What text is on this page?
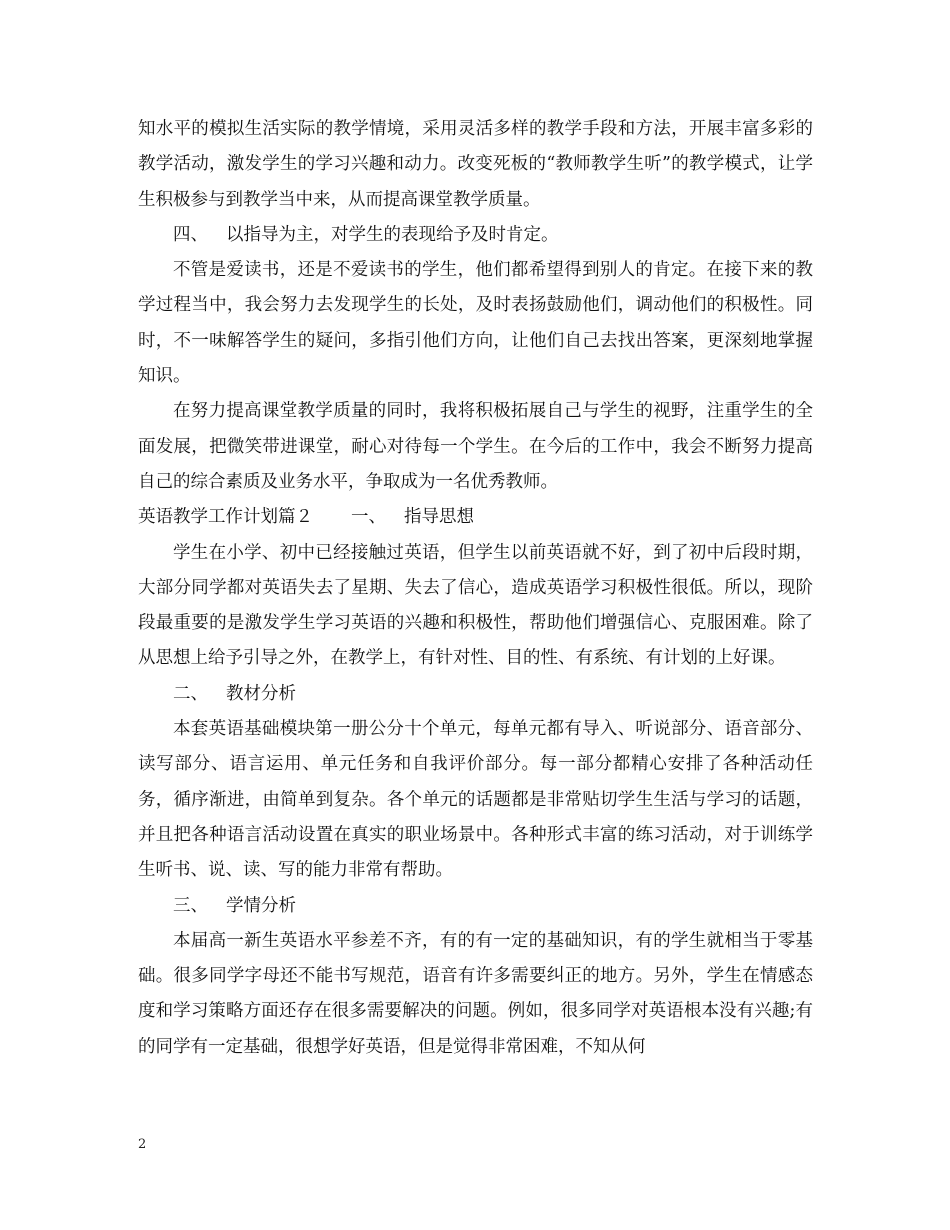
知水平的模拟生活实际的教学情境，采用灵活多样的教学手段和方法，开展丰富多彩的教学活动，激发学生的学习兴趣和动力。改变死板的“教师教学生听”的教学模式，让学生积极参与到教学当中来，从而提高课堂教学质量。

四、 以指导为主，对学生的表现给予及时肯定。

不管是爱读书，还是不爱读书的学生，他们都希望得到别人的肯定。在接下来的教学过程当中，我会努力去发现学生的长处，及时表扬鼓励他们，调动他们的积极性。同时，不一味解答学生的疑问，多指引他们方向，让他们自己去找出答案，更深刻地掌握知识。

在努力提高课堂教学质量的同时，我将积极拓展自己与学生的视野，注重学生的全面发展，把微笑带进课堂，耐心对待每一个学生。在今后的工作中，我会不断努力提高自己的综合素质及业务水平，争取成为一名优秀教师。

英语教学工作计划篇２ 一、 指导思想

学生在小学、初中已经接触过英语，但学生以前英语就不好，到了初中后段时期，大部分同学都对英语失去了星期、失去了信心，造成英语学习积极性很低。所以，现阶段最重要的是激发学生学习英语的兴趣和积极性，帮助他们增强信心、克服困难。除了从思想上给予引导之外，在教学上，有针对性、目的性、有系统、有计划的上好课。

二、 教材分析

本套英语基础模块第一册公分十个单元，每单元都有导入、听说部分、语音部分、读写部分、语言运用、单元任务和自我评价部分。每一部分都精心安排了各种活动任务，循序渐进，由简单到复杂。各个单元的话题都是非常贴切学生生活与学习的话题，并且把各种语言活动设置在真实的职业场景中。各种形式丰富的练习活动，对于训练学生听书、说、读、写的能力非常有帮助。

三、 学情分析

本届高一新生英语水平参差不齐，有的有一定的基础知识，有的学生就相当于零基础。很多同学字母还不能书写规范，语音有许多需要纠正的地方。另外，学生在情感态度和学习策略方面还存在很多需要解决的问题。例如，很多同学对英语根本没有兴趣;有的同学有一定基础，很想学好英语，但是觉得非常困难，不知从何

2
